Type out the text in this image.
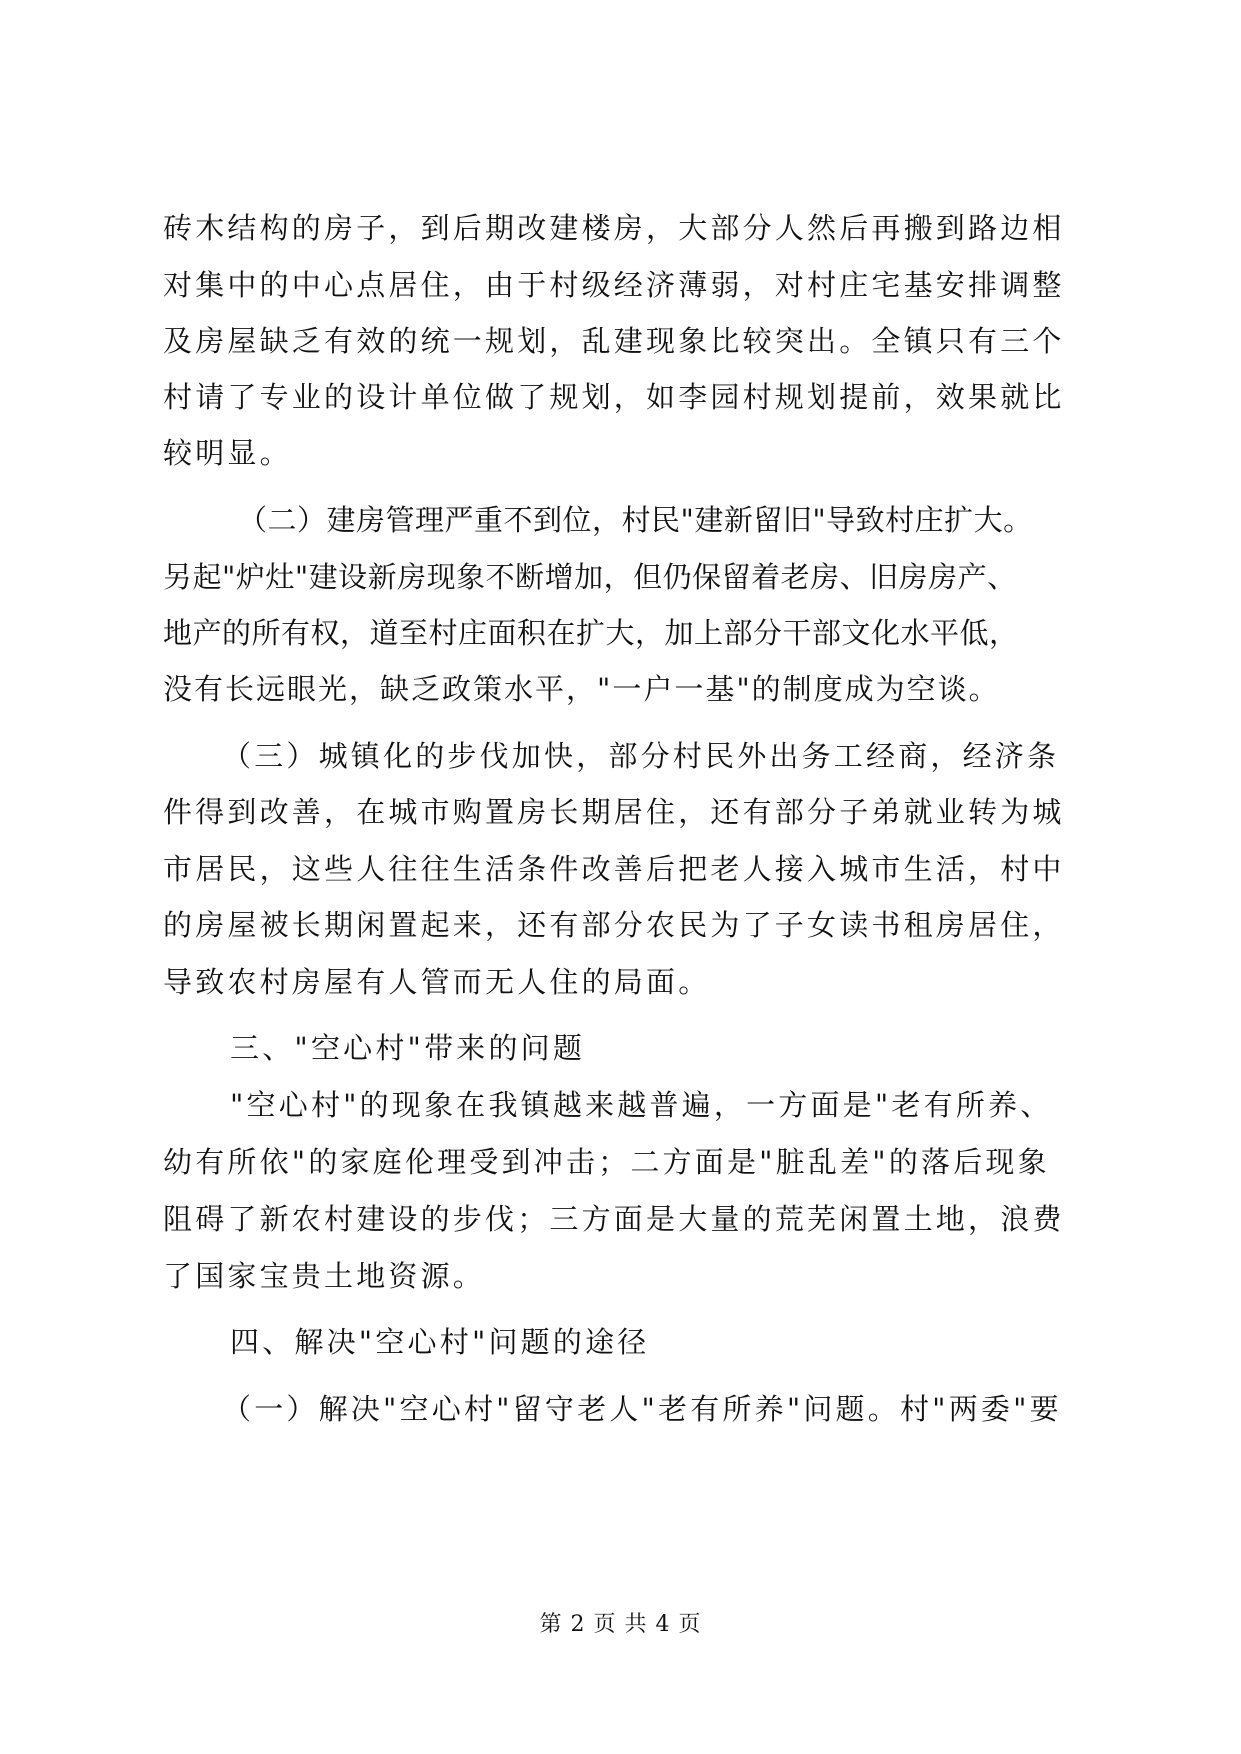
砖木结构的房子，到后期改建楼房，大部分人然后再搬到路边相
对集中的中心点居住，由于村级经济薄弱，对村庄宅基安排调整
及房屋缺乏有效的统一规划，乱建现象比较突出。全镇只有三个
村请了专业的设计单位做了规划，如李园村规划提前，效果就比
较明显。
（二）建房管理严重不到位，村民"建新留旧"导致村庄扩大。
另起"炉灶"建设新房现象不断增加，但仍保留着老房、旧房房产、
地产的所有权，道至村庄面积在扩大，加上部分干部文化水平低，
没有长远眼光，缺乏政策水平，"一户一基"的制度成为空谈。
（三）城镇化的步伐加快，部分村民外出务工经商，经济条
件得到改善，在城市购置房长期居住，还有部分子弟就业转为城
市居民，这些人往往生活条件改善后把老人接入城市生活，村中
的房屋被长期闲置起来，还有部分农民为了子女读书租房居住，
导致农村房屋有人管而无人住的局面。
三、"空心村"带来的问题
"空心村"的现象在我镇越来越普遍，一方面是"老有所养、
幼有所依"的家庭伦理受到冲击；二方面是"脏乱差"的落后现象
阻碍了新农村建设的步伐；三方面是大量的荒芜闲置土地，浪费
了国家宝贵土地资源。
四、解决"空心村"问题的途径
（一）解决"空心村"留守老人"老有所养"问题。村"两委"要
第 2 页 共 4 页
